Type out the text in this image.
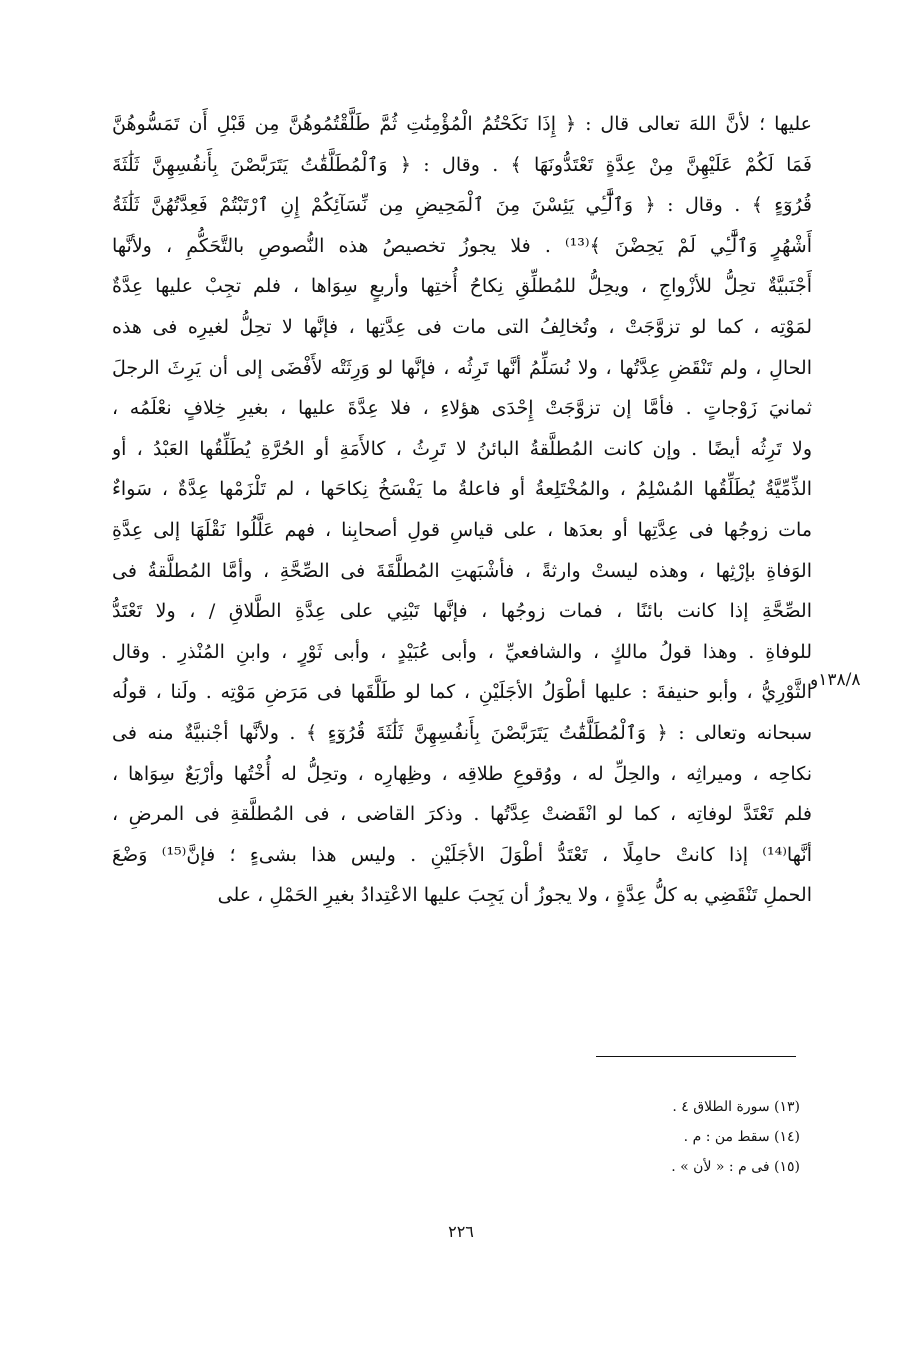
عليها ؛ لأنَّ اللهَ تعالى قال : ﴿ إِذَا نَكَحْتُمُ الْمُؤْمِنَٰتِ ثُمَّ طَلَّقْتُمُوهُنَّ مِن قَبْلِ أَن تَمَسُّوهُنَّ
فَمَا لَكُمْ عَلَيْهِنَّ مِنْ عِدَّةٍ تَعْتَدُّونَهَا ﴾ . وقال : ﴿ وَٱلْمُطَلَّقَٰتُ يَتَرَبَّصْنَ بِأَنفُسِهِنَّ ثَلَٰثَةَ
قُرُوٓءٍ ﴾ . وقال : ﴿ وَٱلَّٰٓـِٔي يَئِسْنَ مِنَ ٱلْمَحِيضِ مِن نِّسَآئِكُمْ إِنِ ٱرْتَبْتُمْ فَعِدَّتُهُنَّ ثَلَٰثَةُ
أَشْهُرٍ وَٱلَّٰٓـِٔي لَمْ يَحِضْنَ ﴾⁽¹³⁾ . فلا يجوزُ تخصيصُ هذه النُّصوصِ بالتَّحَكُّمِ ، ولأنَّها
أَجْنَبيَّةٌ تحِلُّ للأزْواجِ ، ويحِلُّ للمُطلِّقِ نِكاحُ أُختِها وأربعٍ سِوَاها ، فلم تجِبْ عليها عِدَّةٌ
لمَوْتِه ، كما لو تزوَّجَتْ ، وتُخالِفُ التى مات فى عِدَّتِها ، فإنَّها لا تحِلُّ لغيرِه فى هذه
الحالِ ، ولم تَنْقَضِ عِدَّتُها ، ولا نُسَلِّمُ أنَّها تَرِثُه ، فإنَّها لو وَرِثَتْه لأَفْضَى إلى أن يَرِثَ الرجلَ
ثمانيَ زَوْجاتٍ . فأمَّا إن تزوَّجَتْ إِحْدَى هؤلاءِ ، فلا عِدَّةَ عليها ، بغيرِ خِلافٍ نعْلَمُه ،
ولا تَرِثُه أيضًا . وإن كانت المُطلَّقةُ البائنُ لا تَرِثُ ، كالأَمَةِ أو الحُرَّةِ يُطَلِّقُها العَبْدُ ، أو
الذِّمِّيَّةُ يُطَلِّقُها المُسْلِمُ ، والمُخْتَلِعةُ أو فاعلةُ ما يَفْسَخُ نِكاحَها ، لم تَلْزَمْها عِدَّةٌ ، سَواءٌ
مات زوجُها فى عِدَّتِها أو بعدَها ، على قياسِ قولِ أصحابِنا ، فهم عَلَّلُوا نَقْلَهَا إلى عِدَّةِ
الوَفاةِ بإرْثِها ، وهذه ليستْ وارثةً ، فأشْبَهتِ المُطلَّقَةَ فى الصِّحَّةِ ، وأمَّا المُطلَّقةُ فى
الصِّحَّةِ إذا كانت بائنًا ، فمات زوجُها ، فإنَّها تَبْنِي على عِدَّةِ الطَّلاقِ / ، ولا تَعْتَدُّ
للوفاةِ . وهذا قولُ مالكٍ ، والشافعيِّ ، وأبى عُبَيْدٍ ، وأبى ثَوْرٍ ، وابنِ المُنْذرِ . وقال
الثَّوْرِيُّ ، وأبو حنيفةَ : عليها أطْوَلُ الأجَلَيْنِ ، كما لو طَلَّقَها فى مَرَضِ مَوْتِه . ولَنا ، قولُه
سبحانه وتعالى : ﴿ وَٱلْمُطَلَّقَٰتُ يَتَرَبَّصْنَ بِأَنفُسِهِنَّ ثَلَٰثَةَ قُرُوٓءٍ ﴾ . ولأنَّها أجْنبيَّةٌ منه فى
نكاحِه ، وميراثِه ، والحِلِّ له ، ووُقوعِ طلاقِه ، وظِهارِه ، وتحِلُّ له أُخْتُها وأرْبَعٌ سِوَاها ،
فلم تَعْتَدَّ لوفاتِه ، كما لو انْقَضتْ عِدَّتُها . وذكرَ القاضى ، فى المُطلَّقةِ فى المرضِ ،
أنَّها⁽¹⁴⁾ إذا كانتْ حامِلًا ، تَعْتَدُّ أطْوَلَ الأجَلَيْنِ . وليس هذا بشىءٍ ؛ فإنَّ⁽¹⁵⁾ وَضْعَ
الحملِ تَنْقَضِي به كلُّ عِدَّةٍ ، ولا يجوزُ أن يَجِبَ عليها الاعْتِدادُ بغيرِ الحَمْلِ ، على
١٣٨/٨و
(١٣) سورة الطلاق ٤ .
(١٤) سقط من : م .
(١٥) فى م : « لأن » .
٢٢٦
